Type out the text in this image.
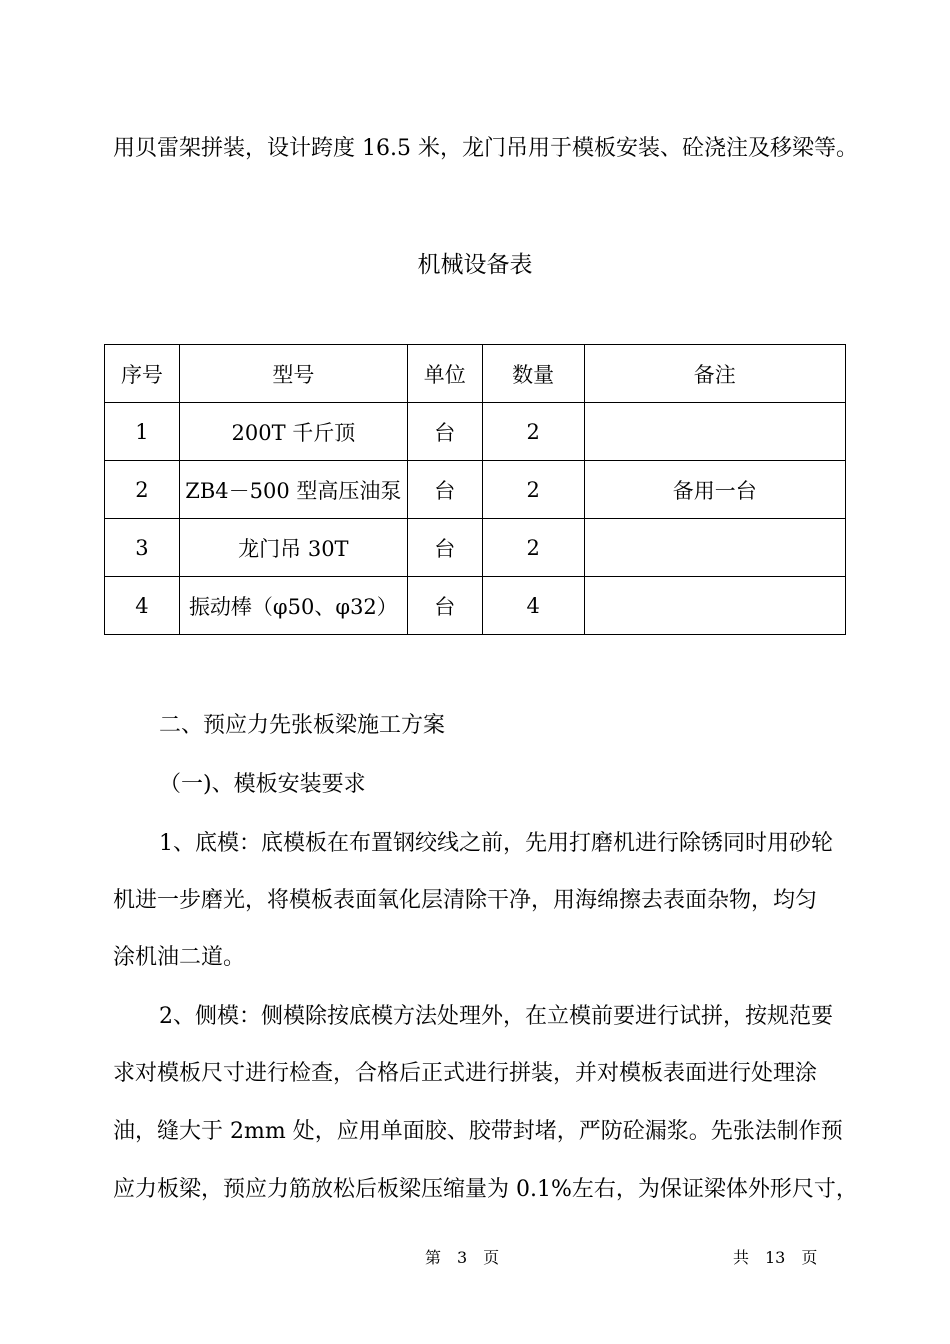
用贝雷架拼装，设计跨度 16.5 米，龙门吊用于模板安装、砼浇注及移梁等。
机械设备表
序号	型号	单位	数量	备注
1	200T 千斤顶	台	2	
2	ZB4－500 型高压油泵	台	2	备用一台
3	龙门吊 30T	台	2	
4	振动棒（φ50、φ32）	台	4	
二、预应力先张板梁施工方案
（一)、模板安装要求
1、底模：底模板在布置钢绞线之前，先用打磨机进行除锈同时用砂轮
机进一步磨光，将模板表面氧化层清除干净，用海绵擦去表面杂物，均匀
涂机油二道。
2、侧模：侧模除按底模方法处理外，在立模前要进行试拼，按规范要
求对模板尺寸进行检查，合格后正式进行拼装，并对模板表面进行处理涂
油，缝大于 2mm 处，应用单面胶、胶带封堵，严防砼漏浆。先张法制作预
应力板梁，预应力筋放松后板梁压缩量为 0.1%左右，为保证梁体外形尺寸，
第　3　页	共　13　页
